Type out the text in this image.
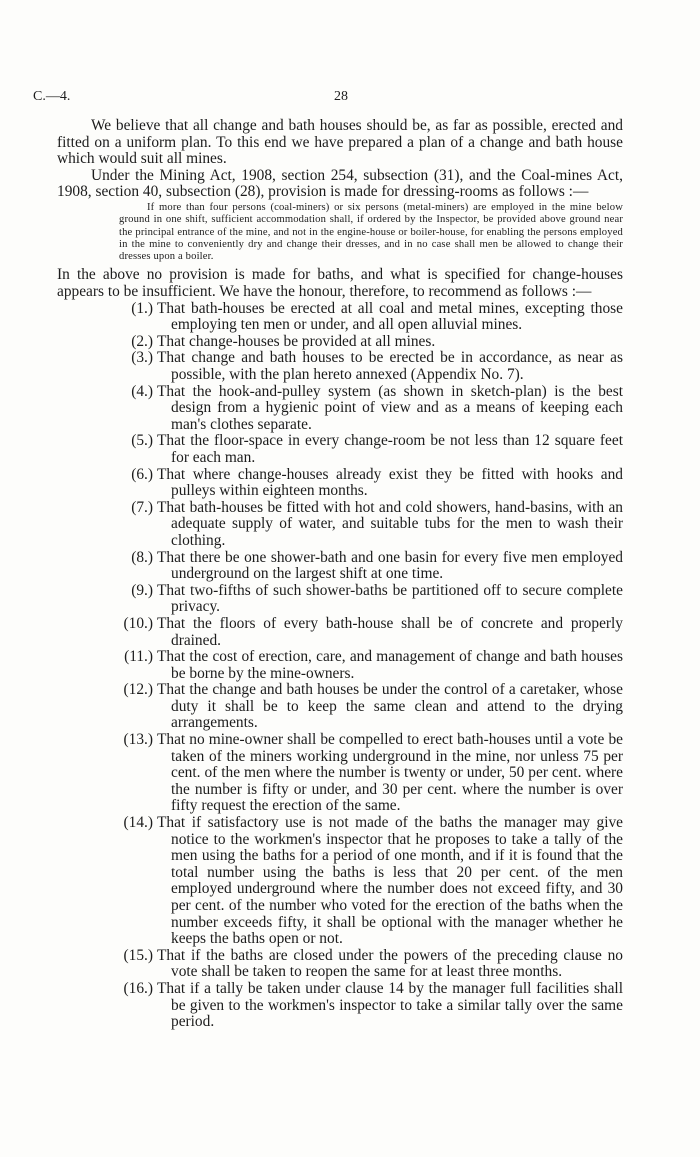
C.—4.	28

We believe that all change and bath houses should be, as far as possible, erected and fitted on a uniform plan. To this end we have prepared a plan of a change and bath house which would suit all mines.

Under the Mining Act, 1908, section 254, subsection (31), and the Coal-mines Act, 1908, section 40, subsection (28), provision is made for dressing-rooms as follows :—

If more than four persons (coal-miners) or six persons (metal-miners) are employed in the mine below ground in one shift, sufficient accommodation shall, if ordered by the Inspector, be provided above ground near the principal entrance of the mine, and not in the engine-house or boiler-house, for enabling the persons employed in the mine to conveniently dry and change their dresses, and in no case shall men be allowed to change their dresses upon a boiler.

In the above no provision is made for baths, and what is specified for change-houses appears to be insufficient. We have the honour, therefore, to recommend as follows :—

(1.) That bath-houses be erected at all coal and metal mines, excepting those employing ten men or under, and all open alluvial mines.
(2.) That change-houses be provided at all mines.
(3.) That change and bath houses to be erected be in accordance, as near as possible, with the plan hereto annexed (Appendix No. 7).
(4.) That the hook-and-pulley system (as shown in sketch-plan) is the best design from a hygienic point of view and as a means of keeping each man's clothes separate.
(5.) That the floor-space in every change-room be not less than 12 square feet for each man.
(6.) That where change-houses already exist they be fitted with hooks and pulleys within eighteen months.
(7.) That bath-houses be fitted with hot and cold showers, hand-basins, with an adequate supply of water, and suitable tubs for the men to wash their clothing.
(8.) That there be one shower-bath and one basin for every five men employed underground on the largest shift at one time.
(9.) That two-fifths of such shower-baths be partitioned off to secure complete privacy.
(10.) That the floors of every bath-house shall be of concrete and properly drained.
(11.) That the cost of erection, care, and management of change and bath houses be borne by the mine-owners.
(12.) That the change and bath houses be under the control of a caretaker, whose duty it shall be to keep the same clean and attend to the drying arrangements.
(13.) That no mine-owner shall be compelled to erect bath-houses until a vote be taken of the miners working underground in the mine, nor unless 75 per cent. of the men where the number is twenty or under, 50 per cent. where the number is fifty or under, and 30 per cent. where the number is over fifty request the erection of the same.
(14.) That if satisfactory use is not made of the baths the manager may give notice to the workmen's inspector that he proposes to take a tally of the men using the baths for a period of one month, and if it is found that the total number using the baths is less that 20 per cent. of the men employed underground where the number does not exceed fifty, and 30 per cent. of the number who voted for the erection of the baths when the number exceeds fifty, it shall be optional with the manager whether he keeps the baths open or not.
(15.) That if the baths are closed under the powers of the preceding clause no vote shall be taken to reopen the same for at least three months.
(16.) That if a tally be taken under clause 14 by the manager full facilities shall be given to the workmen's inspector to take a similar tally over the same period.
